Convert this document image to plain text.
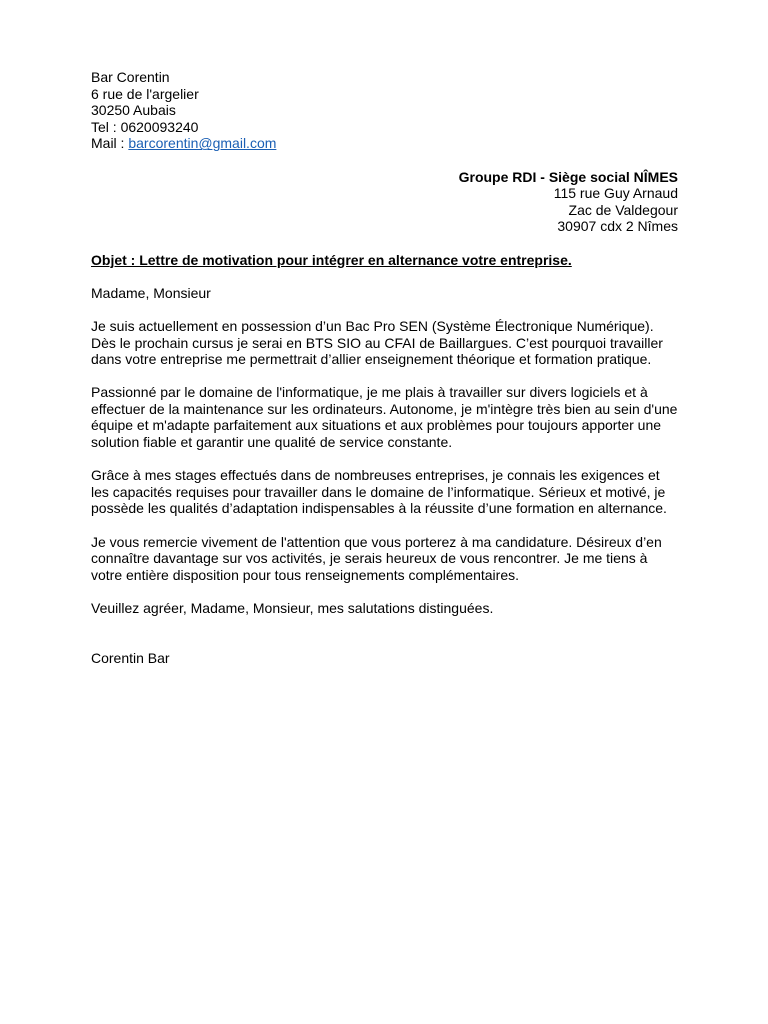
Bar Corentin
6 rue de l'argelier
30250 Aubais
Tel : 0620093240
Mail : barcorentin@gmail.com
Groupe RDI - Siège social NÎMES
115 rue Guy Arnaud
Zac de Valdegour
30907 cdx 2 Nîmes
Objet : Lettre de motivation pour intégrer en alternance votre entreprise.
Madame, Monsieur

Je suis actuellement en possession d’un Bac Pro SEN (Système Électronique Numérique). Dès le prochain cursus je serai en BTS SIO au CFAI de Baillargues. C’est pourquoi travailler dans votre entreprise me permettrait d’allier enseignement théorique et formation pratique.

Passionné par le domaine de l'informatique, je me plais à travailler sur divers logiciels et à effectuer de la maintenance sur les ordinateurs. Autonome, je m'intègre très bien au sein d'une équipe et m'adapte parfaitement aux situations et aux problèmes pour toujours apporter une solution fiable et garantir une qualité de service constante.

Grâce à mes stages effectués dans de nombreuses entreprises, je connais les exigences et les capacités requises pour travailler dans le domaine de l’informatique. Sérieux et motivé, je possède les qualités d’adaptation indispensables à la réussite d’une formation en alternance.

Je vous remercie vivement de l'attention que vous porterez à ma candidature. Désireux d’en connaître davantage sur vos activités, je serais heureux de vous rencontrer. Je me tiens à votre entière disposition pour tous renseignements complémentaires.

Veuillez agréer, Madame, Monsieur, mes salutations distinguées.

Corentin Bar
